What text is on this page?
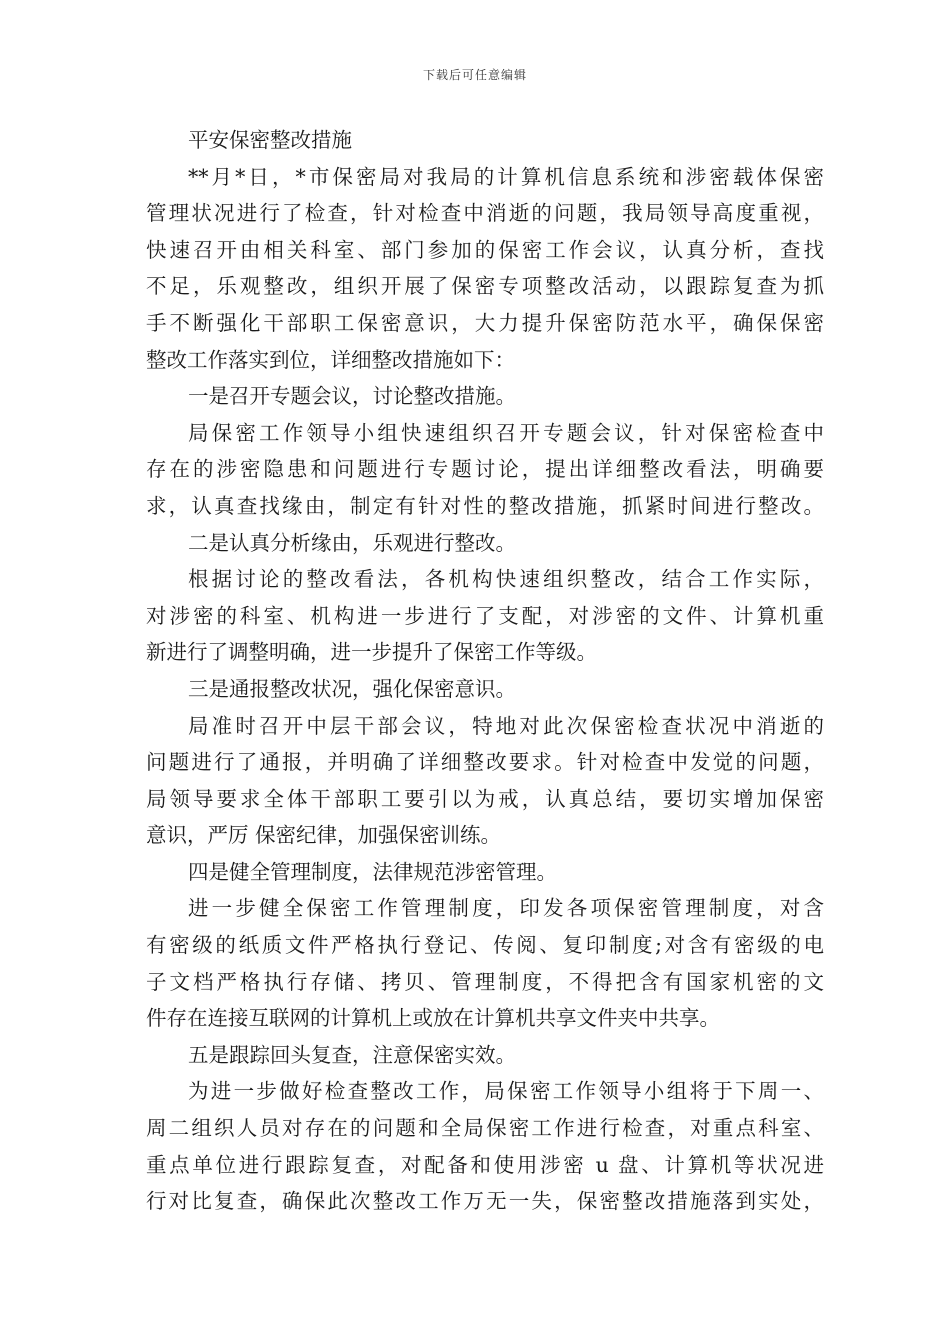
下载后可任意编辑
平安保密整改措施
**月*日，*市保密局对我局的计算机信息系统和涉密载体保密
管理状况进行了检查，针对检查中消逝的问题，我局领导高度重视，
快速召开由相关科室、部门参加的保密工作会议，认真分析，查找
不足，乐观整改，组织开展了保密专项整改活动，以跟踪复查为抓
手不断强化干部职工保密意识，大力提升保密防范水平，确保保密
整改工作落实到位，详细整改措施如下：
一是召开专题会议，讨论整改措施。
局保密工作领导小组快速组织召开专题会议，针对保密检查中
存在的涉密隐患和问题进行专题讨论，提出详细整改看法，明确要
求，认真查找缘由，制定有针对性的整改措施，抓紧时间进行整改。
二是认真分析缘由，乐观进行整改。
根据讨论的整改看法，各机构快速组织整改，结合工作实际，
对涉密的科室、机构进一步进行了支配，对涉密的文件、计算机重
新进行了调整明确，进一步提升了保密工作等级。
三是通报整改状况，强化保密意识。
局准时召开中层干部会议，特地对此次保密检查状况中消逝的
问题进行了通报，并明确了详细整改要求。针对检查中发觉的问题，
局领导要求全体干部职工要引以为戒，认真总结，要切实增加保密
意识，严厉 保密纪律，加强保密训练。
四是健全管理制度，法律规范涉密管理。
进一步健全保密工作管理制度，印发各项保密管理制度，对含
有密级的纸质文件严格执行登记、传阅、复印制度;对含有密级的电
子文档严格执行存储、拷贝、管理制度，不得把含有国家机密的文
件存在连接互联网的计算机上或放在计算机共享文件夹中共享。
五是跟踪回头复查，注意保密实效。
为进一步做好检查整改工作，局保密工作领导小组将于下周一、
周二组织人员对存在的问题和全局保密工作进行检查，对重点科室、
重点单位进行跟踪复查，对配备和使用涉密 u 盘、计算机等状况进
行对比复查，确保此次整改工作万无一失，保密整改措施落到实处，
